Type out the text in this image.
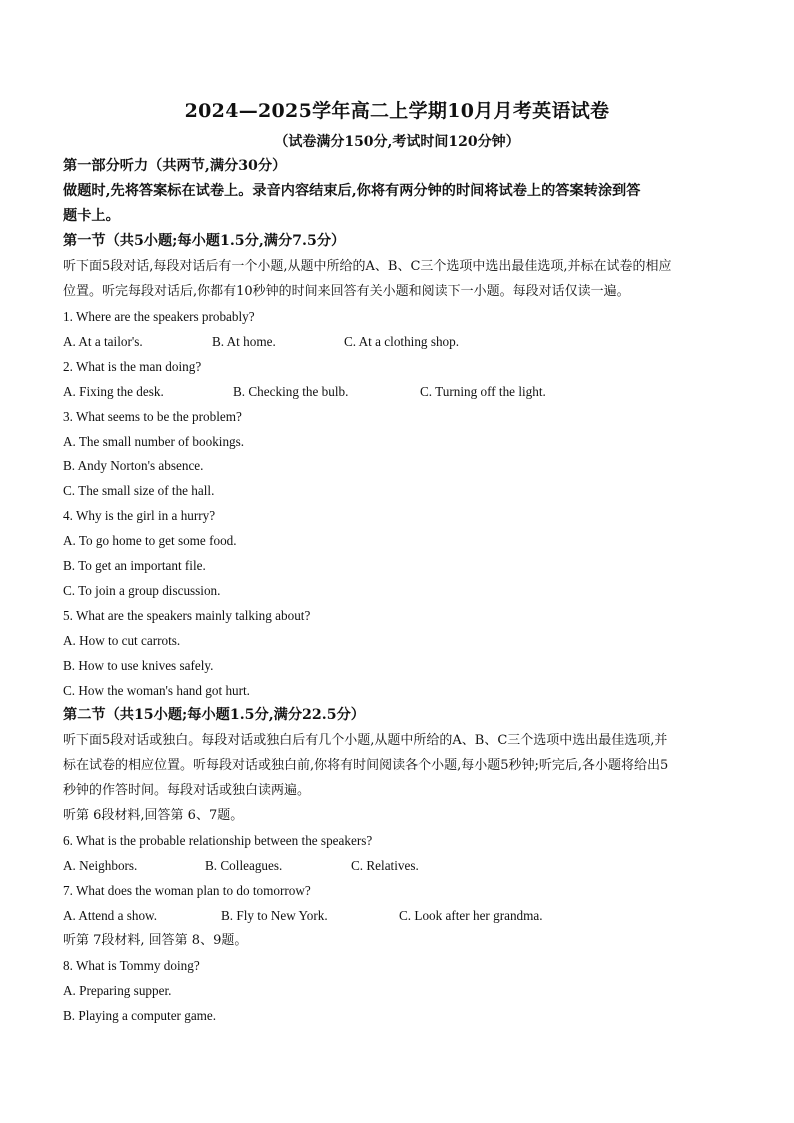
2024—2025学年高二上学期10月月考英语试卷
（试卷满分150分,考试时间120分钟）
第一部分听力（共两节,满分30分）
做题时,先将答案标在试卷上。录音内容结束后,你将有两分钟的时间将试卷上的答案转涂到答
题卡上。
第一节（共5小题;每小题1.5分,满分7.5分）
听下面5段对话,每段对话后有一个小题,从题中所给的A、B、C三个选项中选出最佳选项,并标在试卷的相应
位置。听完每段对话后,你都有10秒钟的时间来回答有关小题和阅读下一小题。每段对话仅读一遍。
1. Where are the speakers probably?
A. At a tailor's.	B. At home.	C. At a clothing shop.
2. What is the man doing?
A. Fixing the desk.	B. Checking the bulb.	C. Turning off the light.
3. What seems to be the problem?
A. The small number of bookings.
B. Andy Norton's absence.
C. The small size of the hall.
4. Why is the girl in a hurry?
A. To go home to get some food.
B. To get an important file.
C. To join a group discussion.
5. What are the speakers mainly talking about?
A. How to cut carrots.
B. How to use knives safely.
C. How the woman's hand got hurt.
第二节（共15小题;每小题1.5分,满分22.5分）
听下面5段对话或独白。每段对话或独白后有几个小题,从题中所给的A、B、C三个选项中选出最佳选项,并
标在试卷的相应位置。听每段对话或独白前,你将有时间阅读各个小题,每小题5秒钟;听完后,各小题将给出5
秒钟的作答时间。每段对话或独白读两遍。
听第 6段材料,回答第 6、7题。
6. What is the probable relationship between the speakers?
A. Neighbors.	B. Colleagues.	C. Relatives.
7. What does the woman plan to do tomorrow?
A. Attend a show.	B. Fly to New York.	C. Look after her grandma.
听第 7段材料, 回答第 8、9题。
8. What is Tommy doing?
A. Preparing supper.
B. Playing a computer game.
